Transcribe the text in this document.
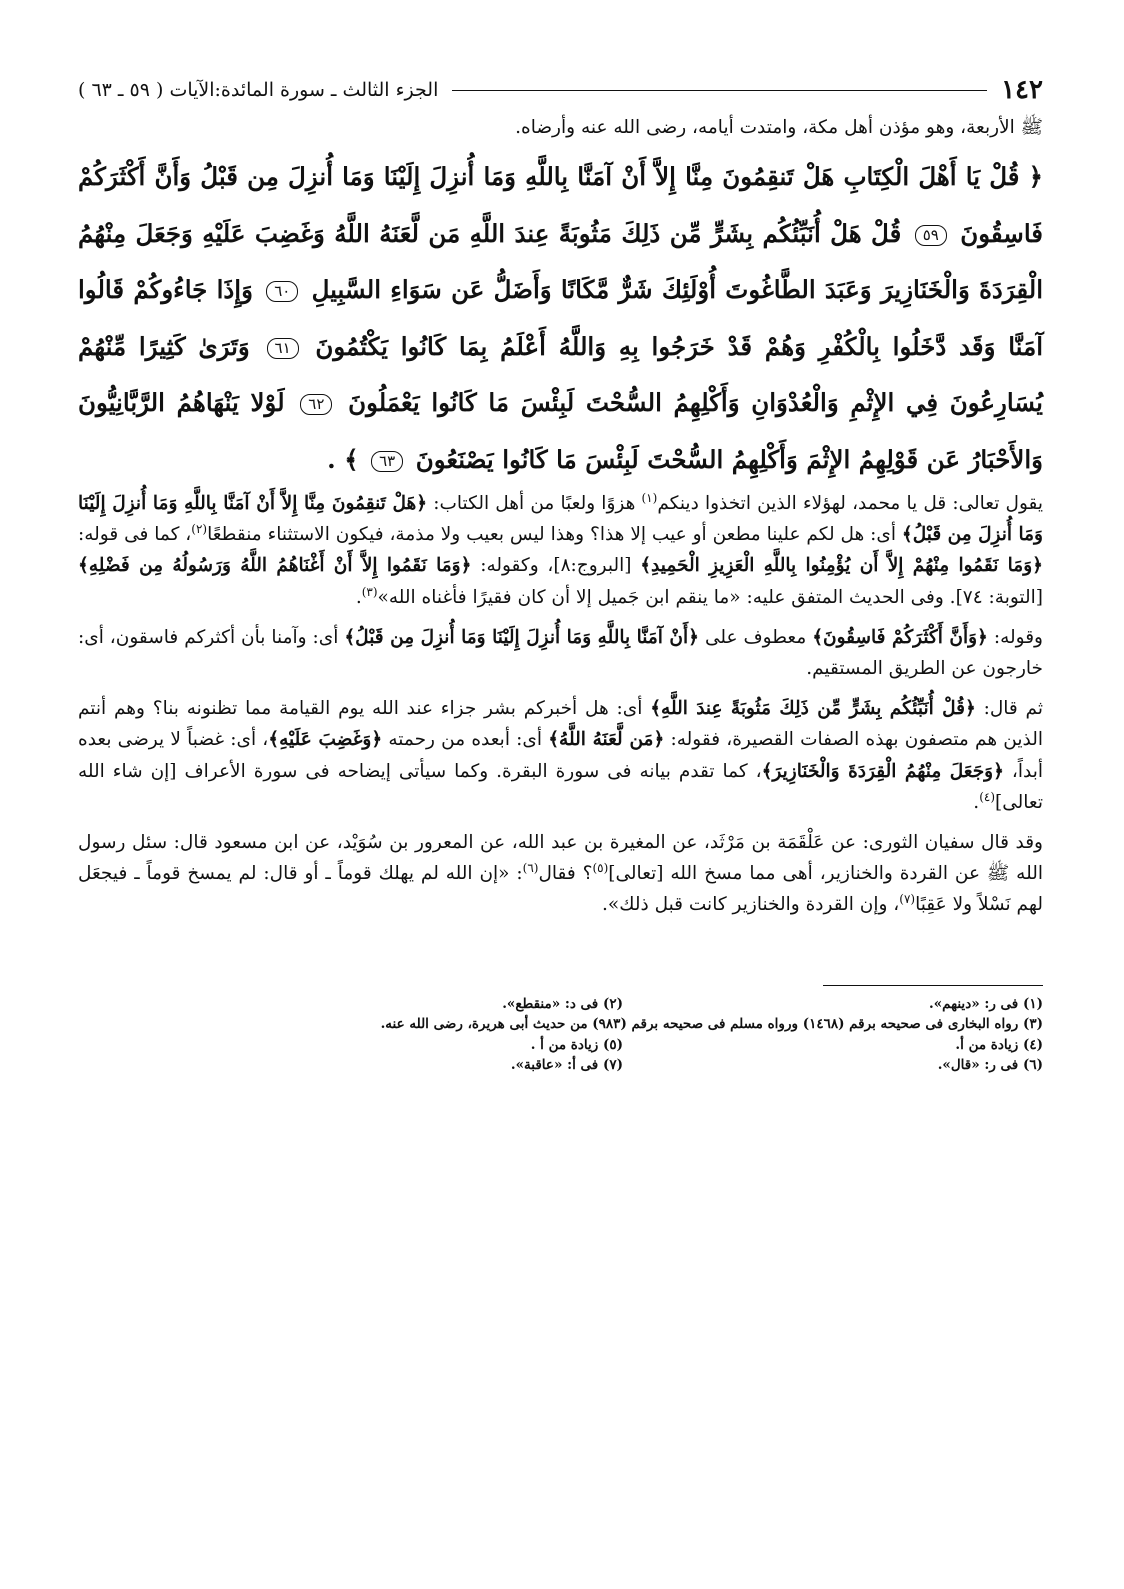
١٤٢
الجزء الثالث ـ سورة المائدة:الآيات ( ٥٩ ـ ٦٣ )
ﷺ الأربعة، وهو مؤذن أهل مكة، وامتدت أيامه، رضى الله عنه وأرضاه.

﴿ قُلْ يَا أَهْلَ الْكِتَابِ هَلْ تَنقِمُونَ مِنَّا إِلاَّ أَنْ آمَنَّا بِاللَّهِ وَمَا أُنزِلَ إِلَيْنَا وَمَا أُنزِلَ مِن قَبْلُ وَأَنَّ أَكْثَرَكُمْ فَاسِقُونَ ٥٩ قُلْ هَلْ أُنَبِّئُكُم بِشَرٍّ مِّن ذَلِكَ مَثُوبَةً عِندَ اللَّهِ مَن لَّعَنَهُ اللَّهُ وَغَضِبَ عَلَيْهِ وَجَعَلَ مِنْهُمُ الْقِرَدَةَ وَالْخَنَازِيرَ وَعَبَدَ الطَّاغُوتَ أُوْلَئِكَ شَرٌّ مَّكَانًا وَأَضَلُّ عَن سَوَاءِ السَّبِيلِ ٦٠ وَإِذَا جَاءُوكُمْ قَالُوا آمَنَّا وَقَد دَّخَلُوا بِالْكُفْرِ وَهُمْ قَدْ خَرَجُوا بِهِ وَاللَّهُ أَعْلَمُ بِمَا كَانُوا يَكْتُمُونَ ٦١ وَتَرَىٰ كَثِيرًا مِّنْهُمْ يُسَارِعُونَ فِي الإِثْمِ وَالْعُدْوَانِ وَأَكْلِهِمُ السُّحْتَ لَبِئْسَ مَا كَانُوا يَعْمَلُونَ ٦٢ لَوْلا يَنْهَاهُمُ الرَّبَّانِيُّونَ وَالأَحْبَارُ عَن قَوْلِهِمُ الإِثْمَ وَأَكْلِهِمُ السُّحْتَ لَبِئْسَ مَا كَانُوا يَصْنَعُونَ ٦٣ ﴾ .

يقول تعالى: قل يا محمد، لهؤلاء الذين اتخذوا دينكم$^{(١)}$ هزوًا ولعبًا من أهل الكتاب: ﴿هَلْ تَنقِمُونَ مِنَّا إِلاَّ أَنْ آمَنَّا بِاللَّهِ وَمَا أُنزِلَ إِلَيْنَا وَمَا أُنزِلَ مِن قَبْلُ﴾ أى: هل لكم علينا مطعن أو عيب إلا هذا؟ وهذا ليس بعيب ولا مذمة، فيكون الاستثناء منقطعًا$^{(٢)}$، كما فى قوله: ﴿وَمَا نَقَمُوا مِنْهُمْ إِلاَّ أَن يُؤْمِنُوا بِاللَّهِ الْعَزِيزِ الْحَمِيدِ﴾ [البروج:٨]، وكقوله: ﴿وَمَا نَقَمُوا إِلاَّ أَنْ أَغْنَاهُمُ اللَّهُ وَرَسُولُهُ مِن فَضْلِهِ﴾ [التوبة: ٧٤]. وفى الحديث المتفق عليه: «ما ينقم ابن جَميل إلا أن كان فقيرًا فأغناه الله»$^{(٣)}$.

وقوله: ﴿وَأَنَّ أَكْثَرَكُمْ فَاسِقُونَ﴾ معطوف على ﴿أَنْ آمَنَّا بِاللَّهِ وَمَا أُنزِلَ إِلَيْنَا وَمَا أُنزِلَ مِن قَبْلُ﴾ أى: وآمنا بأن أكثركم فاسقون، أى: خارجون عن الطريق المستقيم.

ثم قال: ﴿قُلْ أُنَبِّئُكُم بِشَرٍّ مِّن ذَلِكَ مَثُوبَةً عِندَ اللَّهِ﴾ أى: هل أخبركم بشر جزاء عند الله يوم القيامة مما تظنونه بنا؟ وهم أنتم الذين هم متصفون بهذه الصفات القصيرة، فقوله: ﴿مَن لَّعَنَهُ اللَّهُ﴾ أى: أبعده من رحمته ﴿وَغَضِبَ عَلَيْهِ﴾، أى: غضباً لا يرضى بعده أبداً، ﴿وَجَعَلَ مِنْهُمُ الْقِرَدَةَ وَالْخَنَازِيرَ﴾، كما تقدم بيانه فى سورة البقرة. وكما سيأتى إيضاحه فى سورة الأعراف [إن شاء الله تعالى]$^{(٤)}$.

وقد قال سفيان الثورى: عن عَلْقَمَة بن مَرْثَد، عن المغيرة بن عبد الله، عن المعرور بن سُوَيْد، عن ابن مسعود قال: سئل رسول الله ﷺ عن القردة والخنازير، أهى مما مسخ الله [تعالى]$^{(٥)}$؟ فقال$^{(٦)}$: «إن الله لم يهلك قوماً ـ أو قال: لم يمسخ قوماً ـ فيجعَل لهم نَسْلاً ولا عَقِبًا$^{(٧)}$، وإن القردة والخنازير كانت قبل ذلك».

(١) فى ر: «دينهم».
(٢) فى د: «منقطع».
(٣) رواه البخارى فى صحيحه برقم (١٤٦٨) ورواه مسلم فى صحيحه برقم (٩٨٣) من حديث أبى هريرة، رضى الله عنه.
(٤) زيادة من أ.
(٥) زيادة من أ .
(٦) فى ر: «قال».
(٧) فى أ: «عاقبة».
